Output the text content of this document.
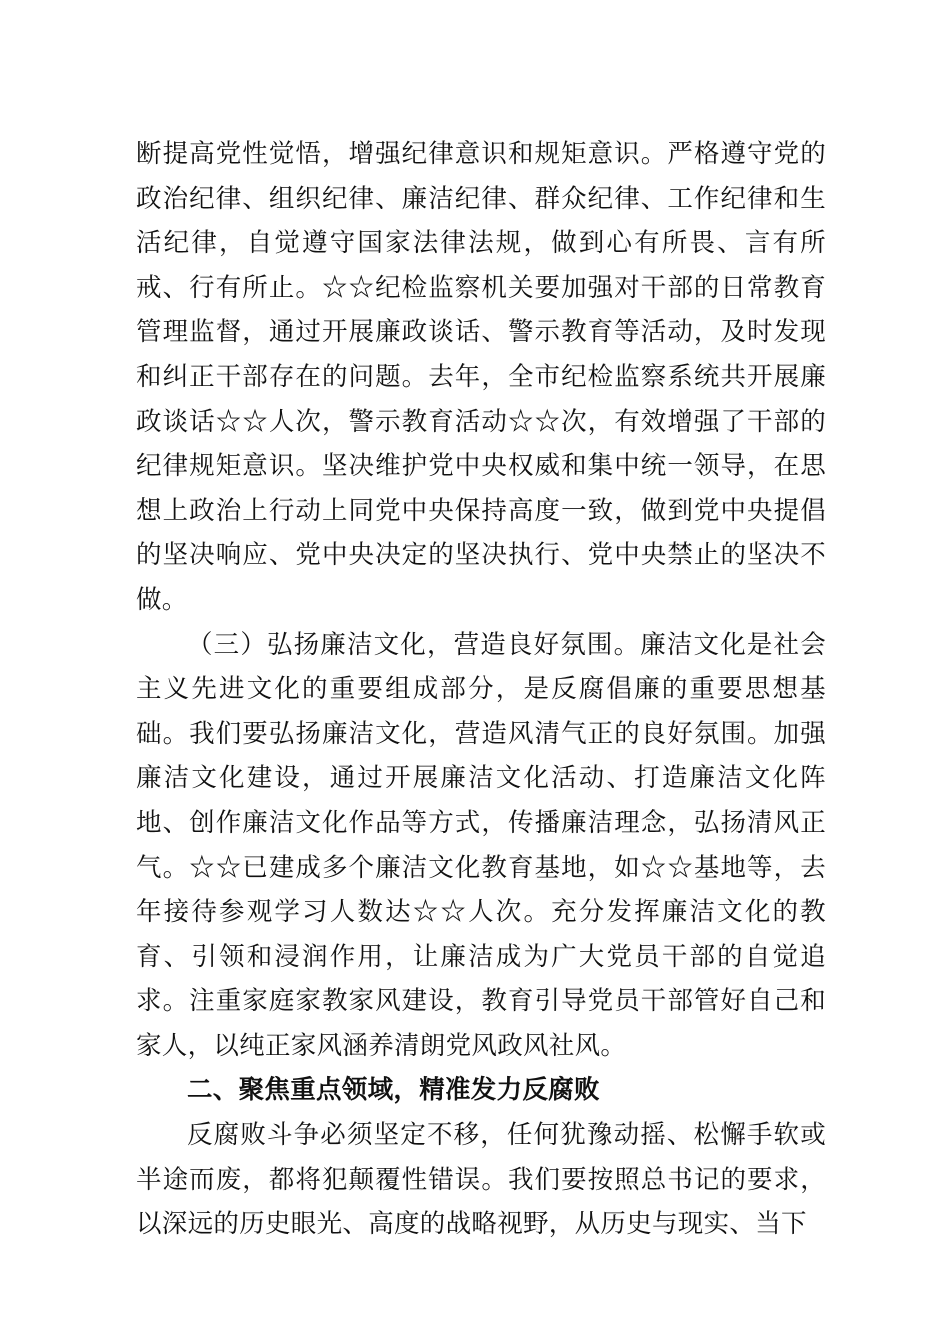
断提高党性觉悟，增强纪律意识和规矩意识。严格遵守党的政治纪律、组织纪律、廉洁纪律、群众纪律、工作纪律和生活纪律，自觉遵守国家法律法规，做到心有所畏、言有所戒、行有所止。☆☆纪检监察机关要加强对干部的日常教育管理监督，通过开展廉政谈话、警示教育等活动，及时发现和纠正干部存在的问题。去年，全市纪检监察系统共开展廉政谈话☆☆人次，警示教育活动☆☆次，有效增强了干部的纪律规矩意识。坚决维护党中央权威和集中统一领导，在思想上政治上行动上同党中央保持高度一致，做到党中央提倡的坚决响应、党中央决定的坚决执行、党中央禁止的坚决不做。

（三）弘扬廉洁文化，营造良好氛围。廉洁文化是社会主义先进文化的重要组成部分，是反腐倡廉的重要思想基础。我们要弘扬廉洁文化，营造风清气正的良好氛围。加强廉洁文化建设，通过开展廉洁文化活动、打造廉洁文化阵地、创作廉洁文化作品等方式，传播廉洁理念，弘扬清风正气。☆☆已建成多个廉洁文化教育基地，如☆☆基地等，去年接待参观学习人数达☆☆人次。充分发挥廉洁文化的教育、引领和浸润作用，让廉洁成为广大党员干部的自觉追求。注重家庭家教家风建设，教育引导党员干部管好自己和家人，以纯正家风涵养清朗党风政风社风。

二、聚焦重点领域，精准发力反腐败

反腐败斗争必须坚定不移，任何犹豫动摇、松懈手软或半途而废，都将犯颠覆性错误。我们要按照总书记的要求，以深远的历史眼光、高度的战略视野，从历史与现实、当下
